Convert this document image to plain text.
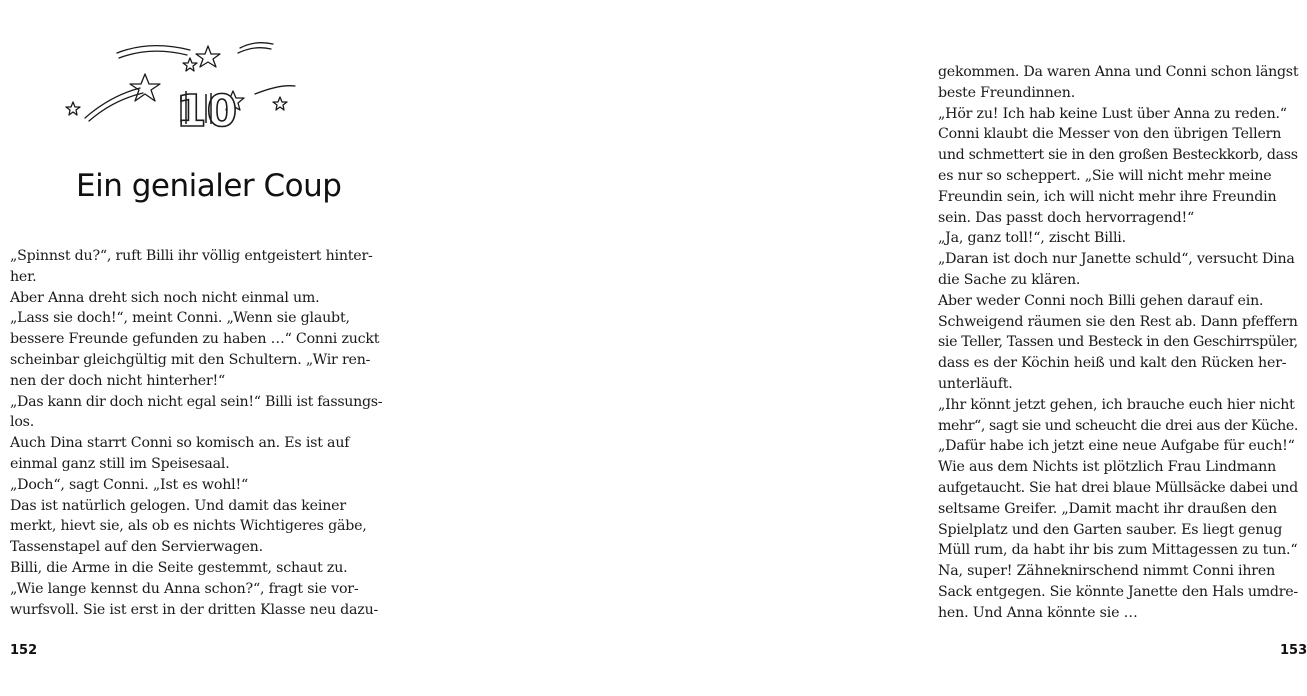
10
Ein genialer Coup
„Spinnst du?“, ruft Billi ihr völlig entgeistert hinter-
her.
Aber Anna dreht sich noch nicht einmal um.
„Lass sie doch!“, meint Conni. „Wenn sie glaubt,
bessere Freunde gefunden zu haben …“ Conni zuckt
scheinbar gleichgültig mit den Schultern. „Wir ren-
nen der doch nicht hinterher!“
„Das kann dir doch nicht egal sein!“ Billi ist fassungs-
los.
Auch Dina starrt Conni so komisch an. Es ist auf
einmal ganz still im Speisesaal.
„Doch“, sagt Conni. „Ist es wohl!“
Das ist natürlich gelogen. Und damit das keiner
merkt, hievt sie, als ob es nichts Wichtigeres gäbe,
Tassenstapel auf den Servierwagen.
Billi, die Arme in die Seite gestemmt, schaut zu.
„Wie lange kennst du Anna schon?“, fragt sie vor-
wurfsvoll. Sie ist erst in der dritten Klasse neu dazu-
152
gekommen. Da waren Anna und Conni schon längst
beste Freundinnen.
„Hör zu! Ich hab keine Lust über Anna zu reden.“
Conni klaubt die Messer von den übrigen Tellern
und schmettert sie in den großen Besteckkorb, dass
es nur so scheppert. „Sie will nicht mehr meine
Freundin sein, ich will nicht mehr ihre Freundin
sein. Das passt doch hervorragend!“
„Ja, ganz toll!“, zischt Billi.
„Daran ist doch nur Janette schuld“, versucht Dina
die Sache zu klären.
Aber weder Conni noch Billi gehen darauf ein.
Schweigend räumen sie den Rest ab. Dann pfeffern
sie Teller, Tassen und Besteck in den Geschirrspüler,
dass es der Köchin heiß und kalt den Rücken her-
unterläuft.
„Ihr könnt jetzt gehen, ich brauche euch hier nicht
mehr“, sagt sie und scheucht die drei aus der Küche.
„Dafür habe ich jetzt eine neue Aufgabe für euch!“
Wie aus dem Nichts ist plötzlich Frau Lindmann
aufgetaucht. Sie hat drei blaue Müllsäcke dabei und
seltsame Greifer. „Damit macht ihr draußen den
Spielplatz und den Garten sauber. Es liegt genug
Müll rum, da habt ihr bis zum Mittagessen zu tun.“
Na, super! Zähneknirschend nimmt Conni ihren
Sack entgegen. Sie könnte Janette den Hals umdre-
hen. Und Anna könnte sie …
153
